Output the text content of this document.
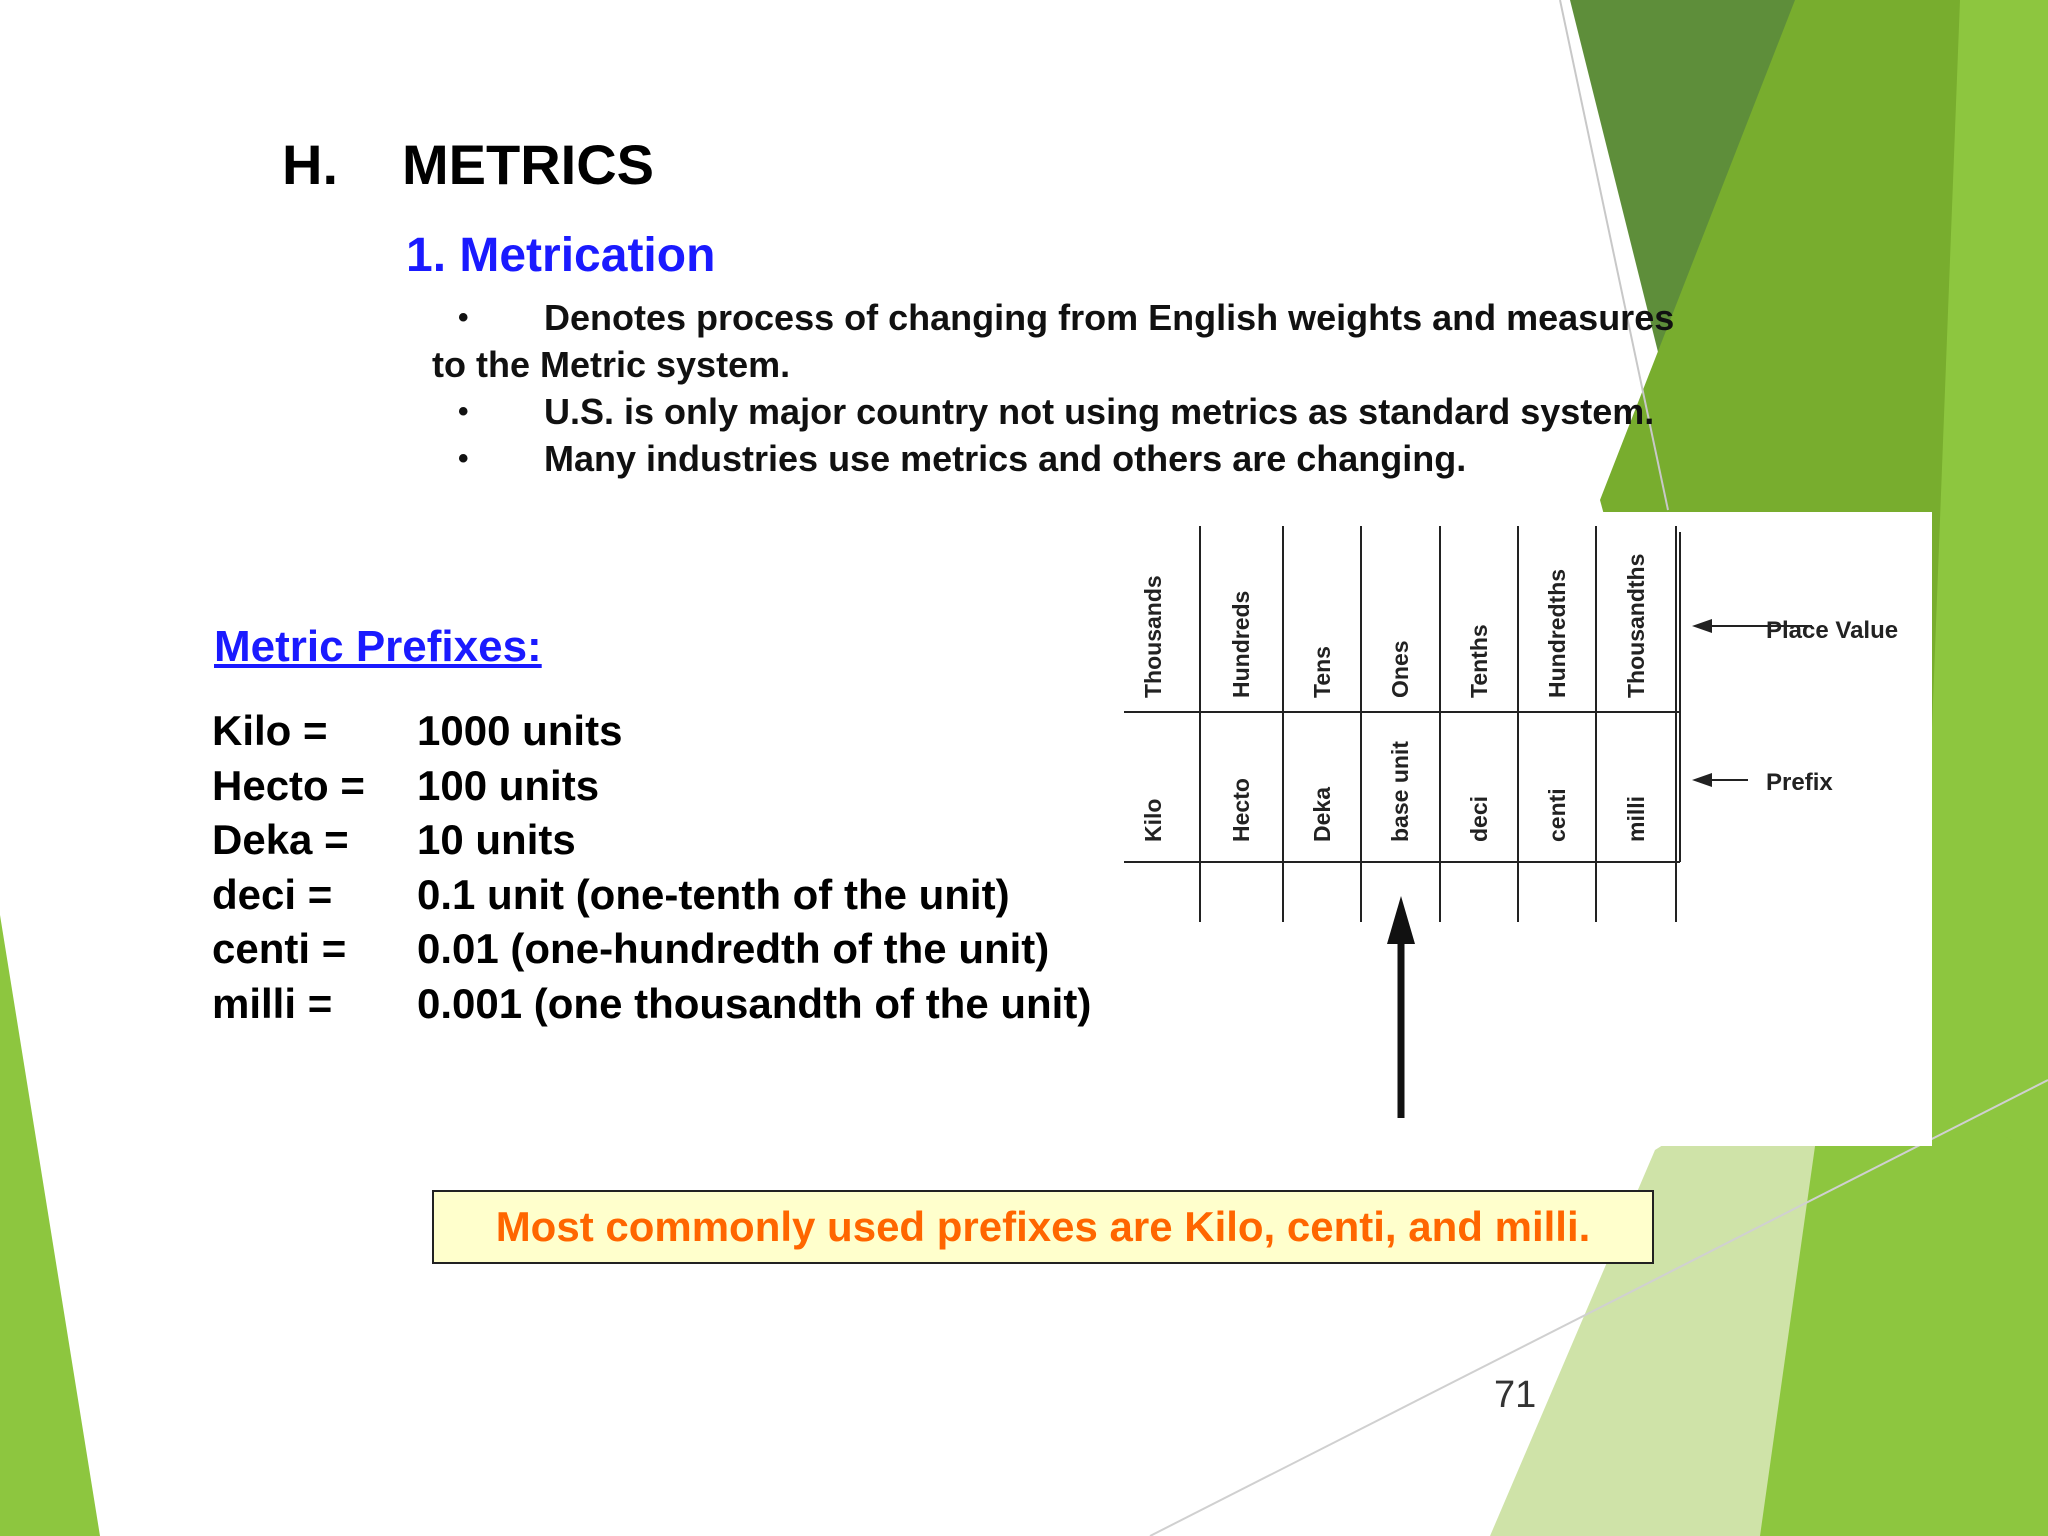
H.	METRICS
1. Metrication
•	Denotes process of changing from English weights and measures
to the Metric system.
•	U.S. is only major country not using metrics as standard system.
•	Many industries use metrics and others are changing.
Metric Prefixes:
Kilo =	1000 units
Hecto =	100 units
Deka =	10 units
deci =	0.1 unit (one-tenth of the unit)
centi =	0.01 (one-hundredth of the unit)
milli =	0.001 (one thousandth of the unit)
Thousands	Hundreds Tens Ones Tenths Hundredths Thousandths
Kilo	Hecto Deka base unit deci centi milli
Place Value
Prefix
Most commonly used prefixes are Kilo, centi, and milli.
71
